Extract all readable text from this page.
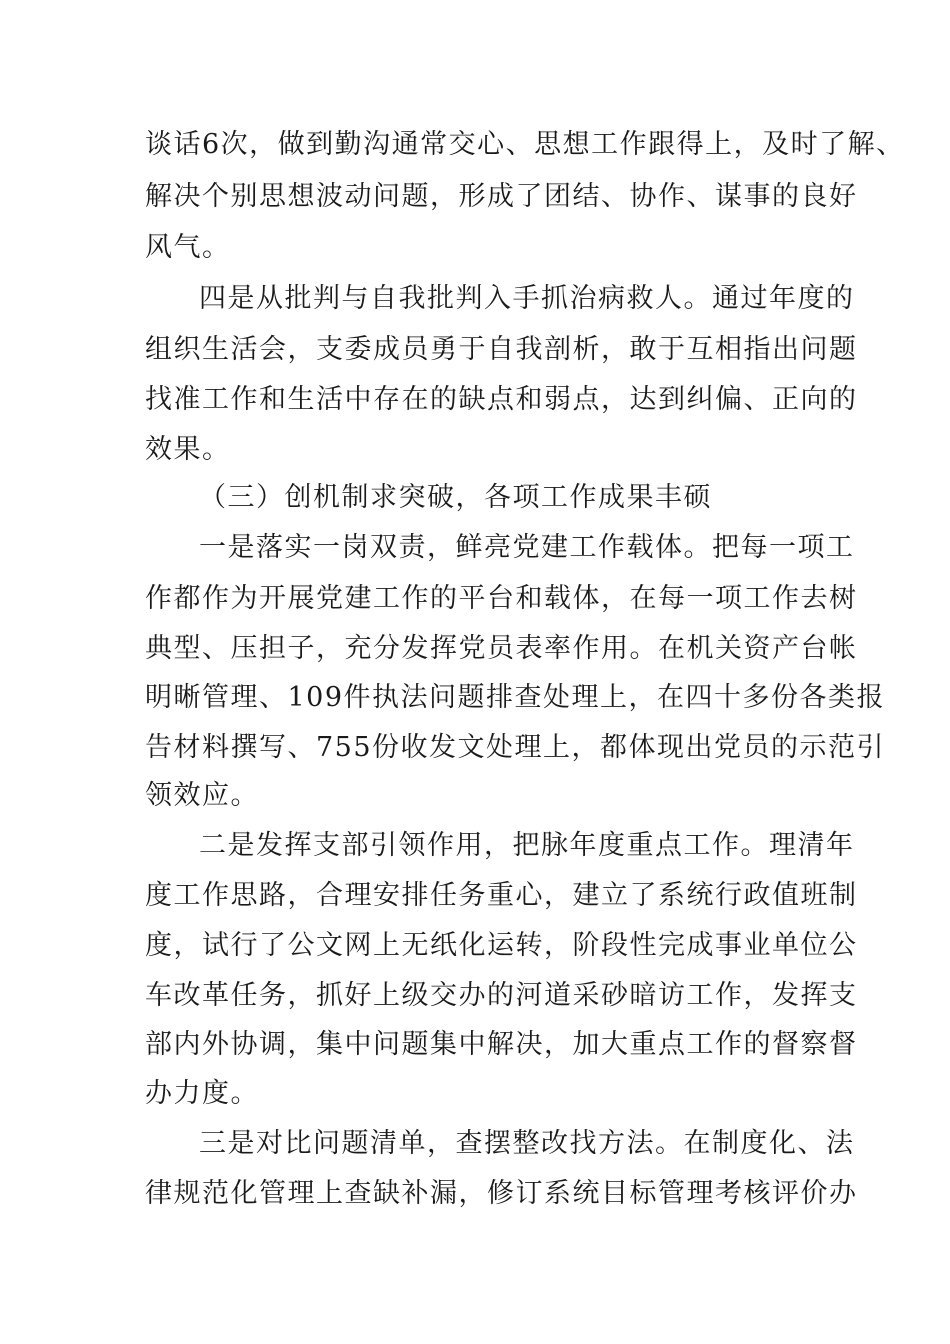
谈话6次，做到勤沟通常交心、思想工作跟得上，及时了解、
解决个别思想波动问题，形成了团结、协作、谋事的良好
风气。
四是从批判与自我批判入手抓治病救人。通过年度的
组织生活会，支委成员勇于自我剖析，敢于互相指出问题
找准工作和生活中存在的缺点和弱点，达到纠偏、正向的
效果。
（三）创机制求突破，各项工作成果丰硕
一是落实一岗双责，鲜亮党建工作载体。把每一项工
作都作为开展党建工作的平台和载体，在每一项工作去树
典型、压担子，充分发挥党员表率作用。在机关资产台帐
明晰管理、109件执法问题排查处理上，在四十多份各类报
告材料撰写、755份收发文处理上，都体现出党员的示范引
领效应。
二是发挥支部引领作用，把脉年度重点工作。理清年
度工作思路，合理安排任务重心，建立了系统行政值班制
度，试行了公文网上无纸化运转，阶段性完成事业单位公
车改革任务，抓好上级交办的河道采砂暗访工作，发挥支
部内外协调，集中问题集中解决，加大重点工作的督察督
办力度。
三是对比问题清单，查摆整改找方法。在制度化、法
律规范化管理上查缺补漏，修订系统目标管理考核评价办
